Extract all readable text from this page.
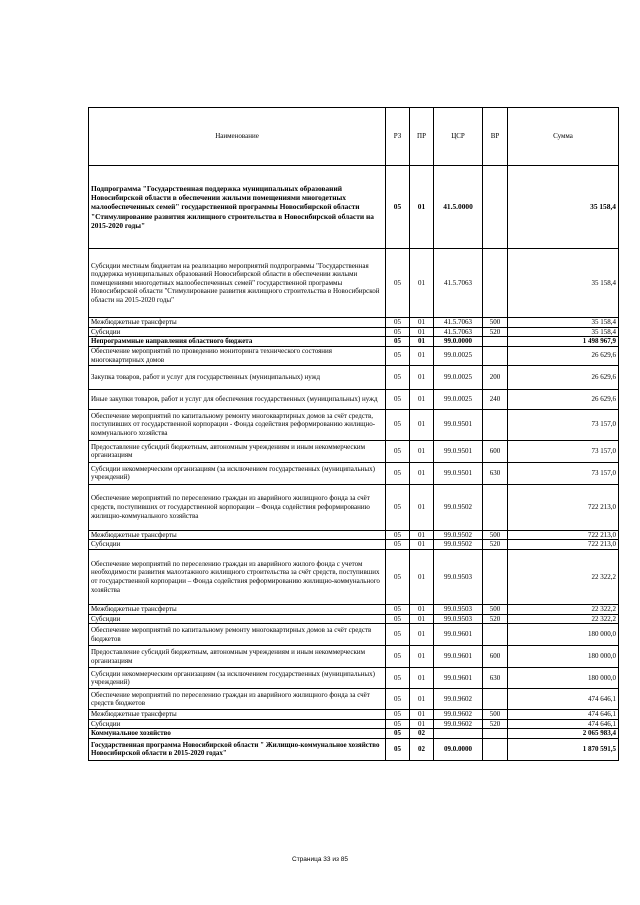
Наименование	РЗ	ПР	ЦСР	ВР	Сумма
Подпрограмма "Государственная поддержка муниципальных образований Новосибирской области в обеспечении жилыми помещениями многодетных малообеспеченных семей" государственной программы Новосибирской области "Стимулирование развития жилищного строительства в Новосибирской области на 2015-2020 годы"	05	01	41.5.0000		35 158,4
Субсидии местным бюджетам на реализацию мероприятий подпрограммы "Государственная поддержка муниципальных образований Новосибирской области в обеспечении жилыми помещениями многодетных малообеспеченных семей" государственной программы Новосибирской области "Стимулирование развития жилищного строительства в Новосибирской области на 2015-2020 годы"	05	01	41.5.7063		35 158,4
Межбюджетные трансферты	05	01	41.5.7063	500	35 158,4
Субсидии	05	01	41.5.7063	520	35 158,4
Непрограммные направления областного бюджета	05	01	99.0.0000		1 498 967,9
Обеспечение мероприятий по проведению мониторинга технического состояния многоквартирных домов	05	01	99.0.0025		26 629,6
Закупка товаров, работ и услуг для государственных (муниципальных) нужд	05	01	99.0.0025	200	26 629,6
Иные закупки товаров, работ и услуг для обеспечения государственных (муниципальных) нужд	05	01	99.0.0025	240	26 629,6
Обеспечение мероприятий по капитальному ремонту многоквартирных домов за счёт средств, поступивших от государственной корпорации - Фонда содействия реформированию жилищно-коммунального хозяйства	05	01	99.0.9501		73 157,0
Предоставление субсидий бюджетным, автономным учреждениям и иным некоммерческим организациям	05	01	99.0.9501	600	73 157,0
Субсидии некоммерческим организациям (за исключением государственных (муниципальных) учреждений)	05	01	99.0.9501	630	73 157,0
Обеспечение мероприятий по переселению граждан из аварийного жилищного фонда за счёт средств, поступивших от государственной корпорации – Фонда содействия реформированию жилищно-коммунального хозяйства	05	01	99.0.9502		722 213,0
Межбюджетные трансферты	05	01	99.0.9502	500	722 213,0
Субсидии	05	01	99.0.9502	520	722 213,0
Обеспечение мероприятий по переселению граждан из аварийного жилого фонда с учетом необходимости развития малоэтажного жилищного строительства за счёт средств, поступивших от государственной корпорации – Фонда содействия реформированию жилищно-коммунального хозяйства	05	01	99.0.9503		22 322,2
Межбюджетные трансферты	05	01	99.0.9503	500	22 322,2
Субсидии	05	01	99.0.9503	520	22 322,2
Обеспечение мероприятий по капитальному ремонту многоквартирных домов за счёт средств бюджетов	05	01	99.0.9601		180 000,0
Предоставление субсидий бюджетным, автономным учреждениям и иным некоммерческим организациям	05	01	99.0.9601	600	180 000,0
Субсидии некоммерческим организациям (за исключением государственных (муниципальных) учреждений)	05	01	99.0.9601	630	180 000,0
Обеспечение мероприятий по переселению граждан из аварийного жилищного фонда за счёт средств бюджетов	05	01	99.0.9602		474 646,1
Межбюджетные трансферты	05	01	99.0.9602	500	474 646,1
Субсидии	05	01	99.0.9602	520	474 646,1
Коммунальное хозяйство	05	02			2 065 983,4
Государственная программа Новосибирской области " Жилищно-коммунальное хозяйство Новосибирской области в 2015-2020 годах"	05	02	09.0.0000		1 870 591,5
Страница 33 из 85
